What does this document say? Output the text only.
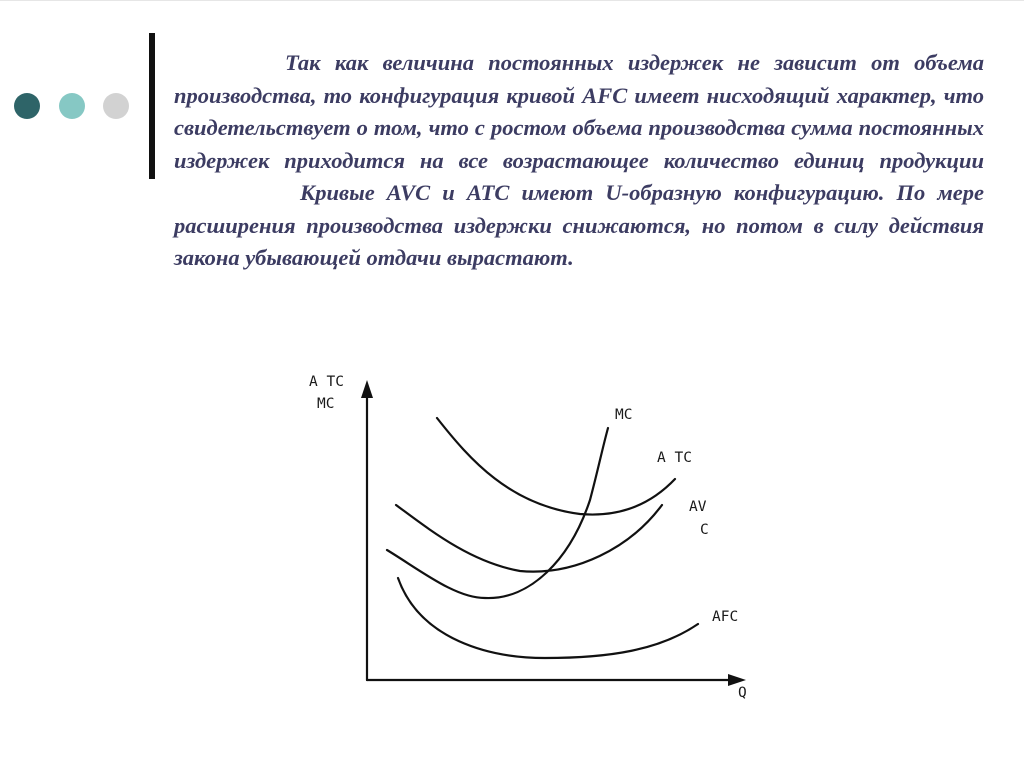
Так как величина постоянных издержек не зависит от объема производства, то конфигурация кривой AFC имеет нисходящий характер, что свидетельствует о том, что с ростом объема производства сумма постоянных издержек приходится на все возрастающее количество единиц продукции

Кривые AVC и ATC имеют U-образную конфигурацию. По мере расширения производства издержки снижаются, но потом в силу действия закона убывающей отдачи вырастают.

A TC
MC
Q
MC
A TC
AV
C
AFC
